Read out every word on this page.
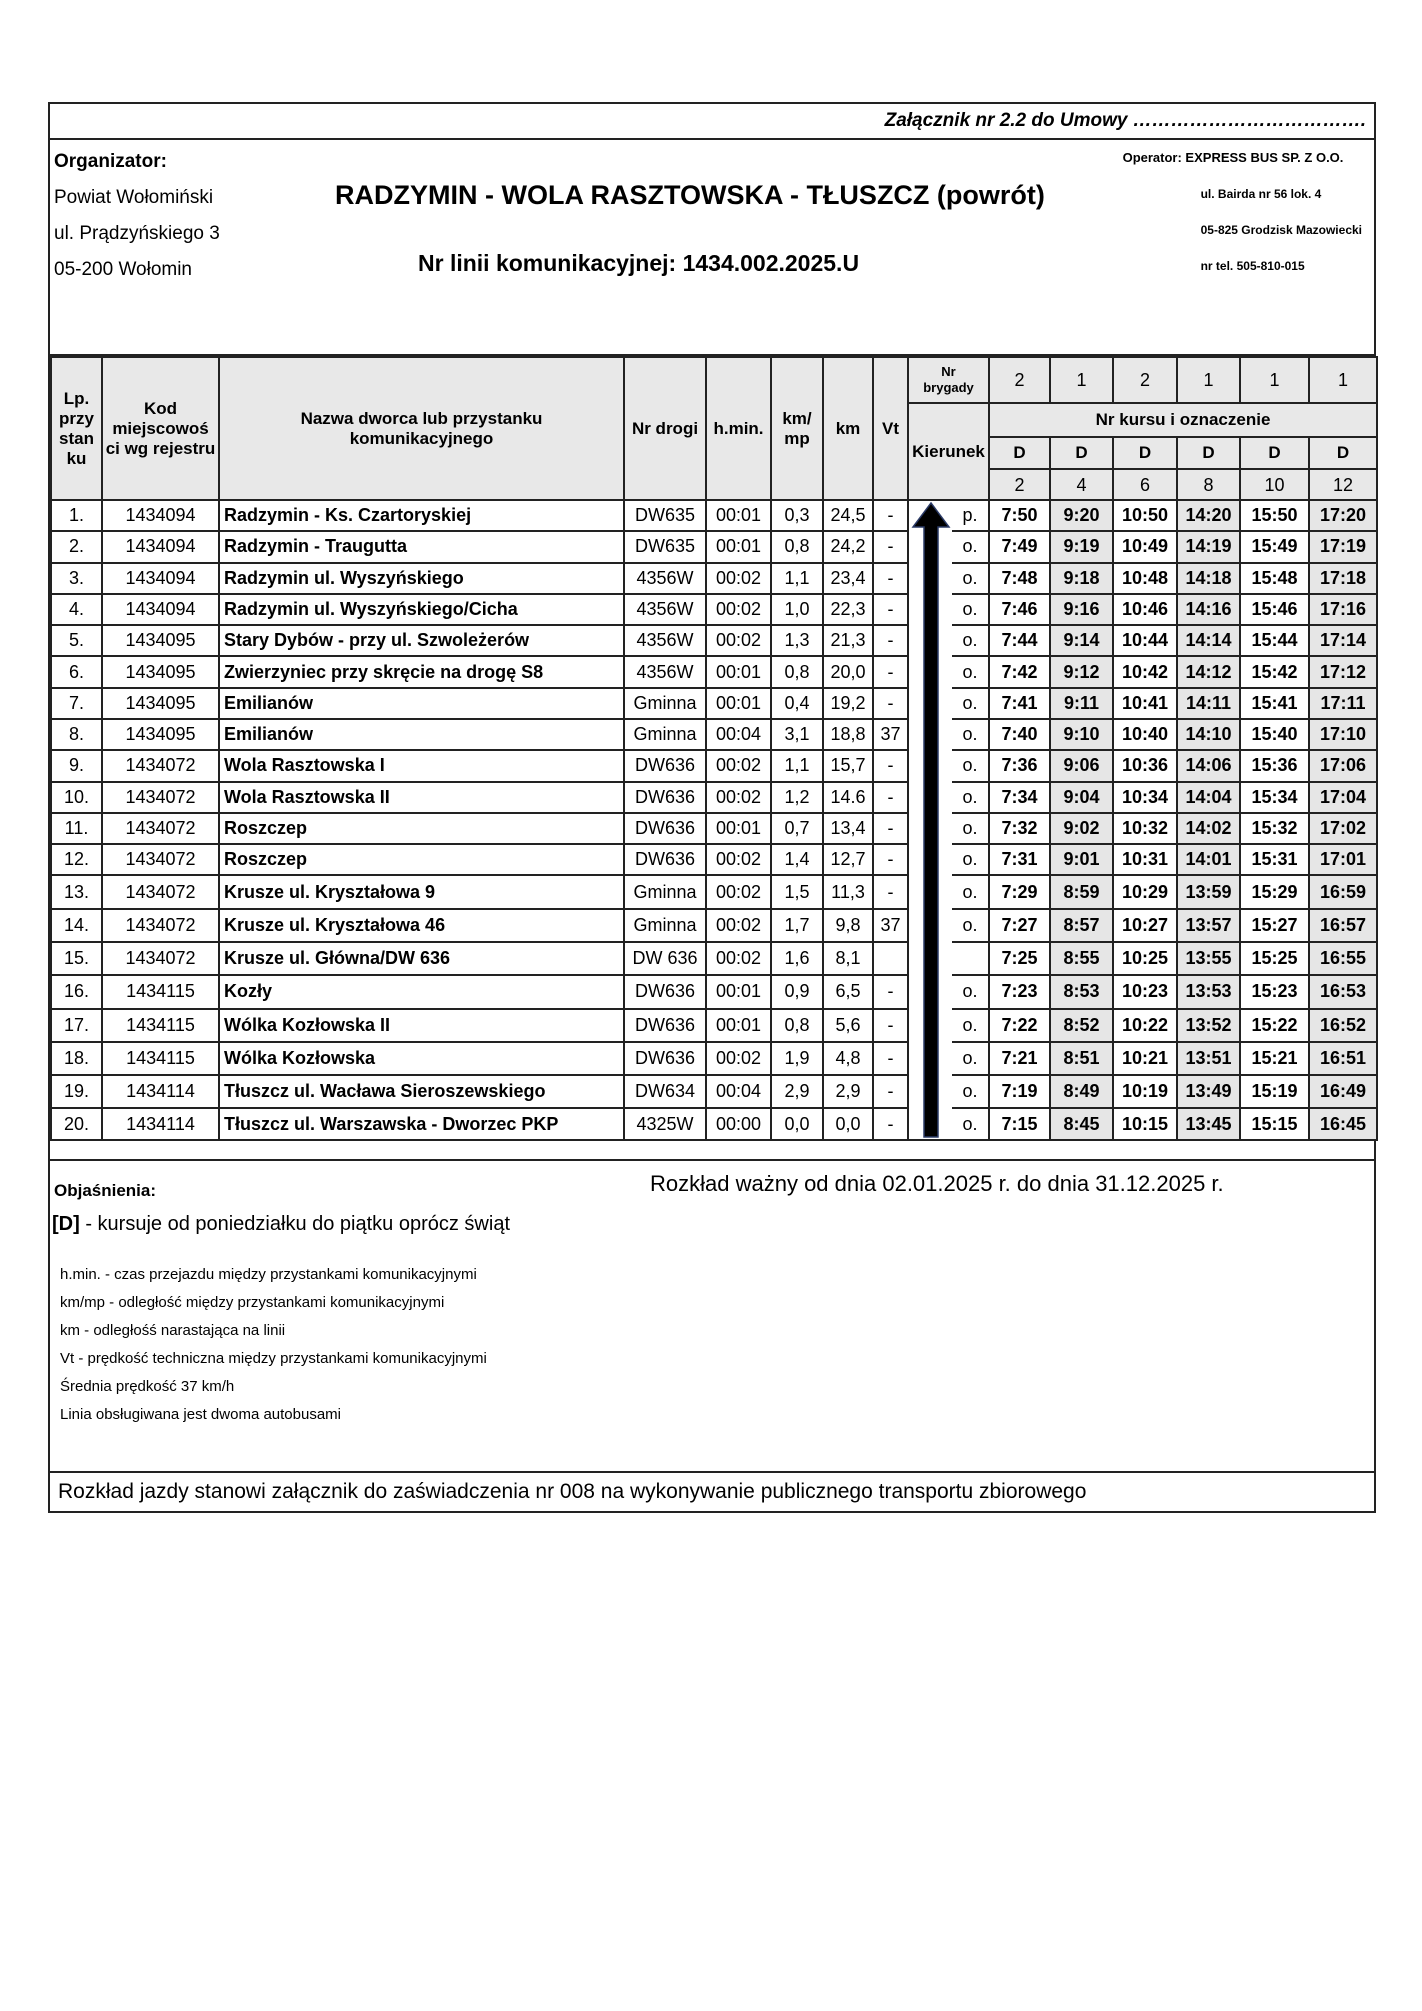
Załącznik nr 2.2 do Umowy ……………………………….
Organizator:
Powiat Wołomiński
ul. Prądzyńskiego 3
05-200 Wołomin
RADZYMIN - WOLA RASZTOWSKA - TŁUSZCZ (powrót)
Nr linii komunikacyjnej: 1434.002.2025.U
Operator: EXPRESS BUS SP. Z O.O.
ul. Bairda nr 56 lok. 4
05-825 Grodzisk Mazowiecki
nr tel. 505-810-015
Lp. przy stan ku	Kod miejscowoś ci wg rejestru	Nazwa dworca lub przystanku komunikacyjnego	Nr drogi	h.min.	km/ mp	km	Vt	Nr brygady		2	1	2	1	1	1
								Kierunek		Nr kursu i oznaczenie					
										D	D	D	D	D	D
										2	4	6	8	10	12
1.	1434094	Radzymin - Ks. Czartoryskiej	DW635	00:01	0,3	24,5	-		p.	7:50	9:20	10:50	14:20	15:50	17:20
2.	1434094	Radzymin - Traugutta	DW635	00:01	0,8	24,2	-		o.	7:49	9:19	10:49	14:19	15:49	17:19
3.	1434094	Radzymin ul. Wyszyńskiego	4356W	00:02	1,1	23,4	-		o.	7:48	9:18	10:48	14:18	15:48	17:18
4.	1434094	Radzymin ul. Wyszyńskiego/Cicha	4356W	00:02	1,0	22,3	-		o.	7:46	9:16	10:46	14:16	15:46	17:16
5.	1434095	Stary Dybów - przy ul. Szwoleżerów	4356W	00:02	1,3	21,3	-		o.	7:44	9:14	10:44	14:14	15:44	17:14
6.	1434095	Zwierzyniec przy skręcie na drogę S8	4356W	00:01	0,8	20,0	-		o.	7:42	9:12	10:42	14:12	15:42	17:12
7.	1434095	Emilianów	Gminna	00:01	0,4	19,2	-		o.	7:41	9:11	10:41	14:11	15:41	17:11
8.	1434095	Emilianów	Gminna	00:04	3,1	18,8	37		o.	7:40	9:10	10:40	14:10	15:40	17:10
9.	1434072	Wola Rasztowska I	DW636	00:02	1,1	15,7	-		o.	7:36	9:06	10:36	14:06	15:36	17:06
10.	1434072	Wola Rasztowska II	DW636	00:02	1,2	14.6	-		o.	7:34	9:04	10:34	14:04	15:34	17:04
11.	1434072	Roszczep	DW636	00:01	0,7	13,4	-		o.	7:32	9:02	10:32	14:02	15:32	17:02
12.	1434072	Roszczep	DW636	00:02	1,4	12,7	-		o.	7:31	9:01	10:31	14:01	15:31	17:01
13.	1434072	Krusze ul. Kryształowa 9	Gminna	00:02	1,5	11,3	-		o.	7:29	8:59	10:29	13:59	15:29	16:59
14.	1434072	Krusze ul. Kryształowa 46	Gminna	00:02	1,7	9,8	37		o.	7:27	8:57	10:27	13:57	15:27	16:57
15.	1434072	Krusze ul. Główna/DW 636	DW 636	00:02	1,6	8,1				7:25	8:55	10:25	13:55	15:25	16:55
16.	1434115	Kozły	DW636	00:01	0,9	6,5	-		o.	7:23	8:53	10:23	13:53	15:23	16:53
17.	1434115	Wólka Kozłowska II	DW636	00:01	0,8	5,6	-		o.	7:22	8:52	10:22	13:52	15:22	16:52
18.	1434115	Wólka Kozłowska	DW636	00:02	1,9	4,8	-		o.	7:21	8:51	10:21	13:51	15:21	16:51
19.	1434114	Tłuszcz ul. Wacława Sieroszewskiego	DW634	00:04	2,9	2,9	-		o.	7:19	8:49	10:19	13:49	15:19	16:49
20.	1434114	Tłuszcz ul. Warszawska - Dworzec PKP	4325W	00:00	0,0	0,0	-		o.	7:15	8:45	10:15	13:45	15:15	16:45
Objaśnienia:
[D] - kursuje od poniedziałku do piątku oprócz świąt
h.min. - czas przejazdu między przystankami komunikacyjnymi
km/mp - odległość między przystankami komunikacyjnymi
km - odległośś narastająca na linii
Vt - prędkość techniczna między przystankami komunikacyjnymi
Średnia prędkość 37 km/h
Linia obsługiwana jest dwoma autobusami
Rozkład ważny od dnia 02.01.2025 r. do dnia 31.12.2025 r.
Rozkład jazdy stanowi załącznik do zaświadczenia nr 008 na wykonywanie publicznego transportu zbiorowego
